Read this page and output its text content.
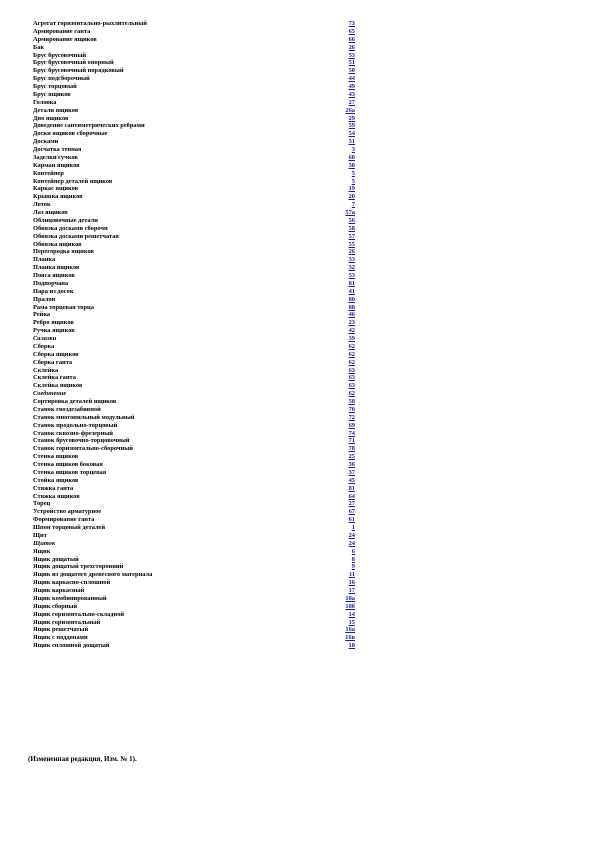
Агрегат горизонтально-рыхлительный	73
Армирование ганта	65
Армирование ящиков	66
Бак	26
Брус брусовочный	53
Брус брусовочный опорный	51
Брус брусовочный порядковый	50
Брус подсборочный	44
Брус торцовый	49
Брус ящиков	43
Головка	27
Детали ящиков	26а
Дно ящиков	29
Доведение сантиметрических ребрами	59
Доски ящиков сборочные	54
Досками	31
Досчатка тенная	3
Заделки сучков	60
Карман ящиков	30
Контейнер	5
Контейнер деталей ящиков	5
Каркас ящиков	19
Крышка ящиков	20
Лоток	7
Лаз ящиков	57а
Облицовочные детали	56
Обвязка досками сборочн	58
Обвязка досками решетчатая	57
Обвязка ящиков	55
Перегородка ящиков	26
Планка	33
Планка ящиков	32
Пояса ящиков	53
Подпорчана	81
Пара из досок	41
Пралон	80
Рама торцевая торца	88
Рейка	46
Ребро ящиков	23
Ручка ящиков	42
Салазки	39
Сборка	62
Сборка ящиков	62
Сборка ганта	62
Склейка	63
Склейка ганта	63
Склейка ящиков	63
Соединение	62
Сортировка деталей ящиков	58
Станок гвоздезабивной	70
Станок многопильный модульный	72
Станок продольно-торцовый	69
Станок сквозно-фрезерный	74
Станок брусовочно-торцовочный	71
Станок горизонтально-сборочный	78
Стенка ящиков	25
Стенка ящиков боковая	36
Стенка ящиков торцевая	37
Стойка ящиков	45
Стяжка ганта	81
Стяжка ящиков	64
Торец	27
Устройство арматурное	67
Формирование ганта	61
Шпон торцовый деталей	1
Щит	24
Щиток	24
Ящик	6
Ящик дощатый	8
Ящик дощатый трехсторонний	9
Ящик из дощатого древесного материала	11
Ящик каркасно-сплошной	16
Ящик каркасный	17
Ящик комбинированный	18а
Ящик сборный	18б
Ящик горизонтально-складной	14
Ящик горизонтальный	15
Ящик решетчатый	16а
Ящик с поддонами	16в
Ящик сплошной дощатый	18
(Измененная редакция, Изм. № 1).
